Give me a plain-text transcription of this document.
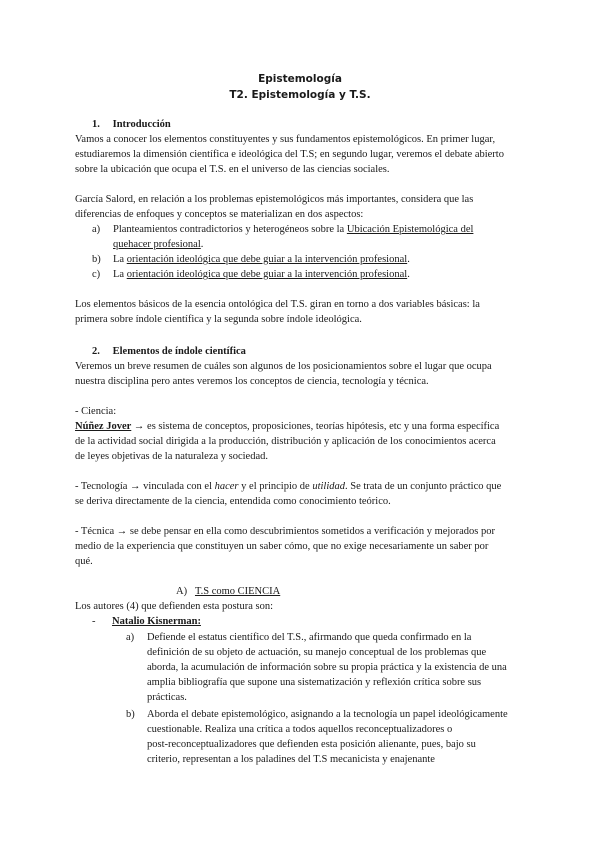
Epistemología
T2. Epistemología y T.S.
1. Introducción
Vamos a conocer los elementos constituyentes y sus fundamentos epistemológicos. En primer lugar,
estudiaremos la dimensión científica e ideológica del T.S; en segundo lugar, veremos el debate abierto
sobre la ubicación que ocupa el T.S. en el universo de las ciencias sociales.
García Salord, en relación a los problemas epistemológicos más importantes, considera que las
diferencias de enfoques y conceptos se materializan en dos aspectos:
a)	Planteamientos contradictorios y heterogéneos sobre la Ubicación Epistemológica del
quehacer profesional.
b)	La orientación ideológica que debe guiar a la intervención profesional.
c)	La orientación ideológica que debe guiar a la intervención profesional.
Los elementos básicos de la esencia ontológica del T.S. giran en torno a dos variables básicas: la
primera sobre índole científica y la segunda sobre índole ideológica.
2. Elementos de índole científica
Veremos un breve resumen de cuáles son algunos de los posicionamientos sobre el lugar que ocupa
nuestra disciplina pero antes veremos los conceptos de ciencia, tecnología y técnica.
- Ciencia:
Núñez Jover → es sistema de conceptos, proposiciones, teorías hipótesis, etc y una forma específica
de la actividad social dirigida a la producción, distribución y aplicación de los conocimientos acerca
de leyes objetivas de la naturaleza y sociedad.
- Tecnología → vinculada con el hacer y el principio de utilidad. Se trata de un conjunto práctico que
se deriva directamente de la ciencia, entendida como conocimiento teórico.
- Técnica → se debe pensar en ella como descubrimientos sometidos a verificación y mejorados por
medio de la experiencia que constituyen un saber cómo, que no exige necesariamente un saber por
qué.
A) T.S como CIENCIA
Los autores (4) que defienden esta postura son:
- Natalio Kisnerman:
a)	Defiende el estatus científico del T.S., afirmando que queda confirmado en la
definición de su objeto de actuación, su manejo conceptual de los problemas que
aborda, la acumulación de información sobre su propia práctica y la existencia de una
amplia bibliografía que supone una sistematización y reflexión crítica sobre sus
prácticas.
b)	Aborda el debate epistemológico, asignando a la tecnología un papel ideológicamente
cuestionable. Realiza una crítica a todos aquellos reconceptualizadores o
post-reconceptualizadores que defienden esta posición alienante, pues, bajo su
criterio, representan a los paladines del T.S mecanicista y enajenante
